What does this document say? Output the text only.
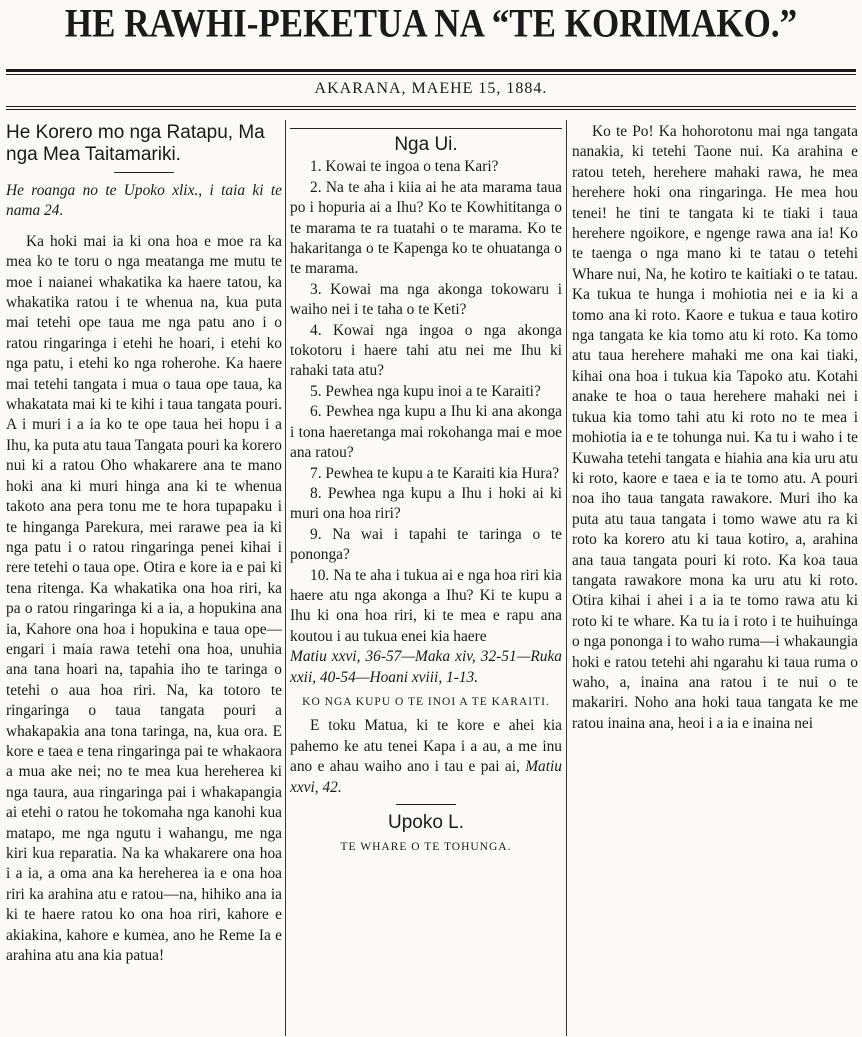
HE RAWHI-PEKETUA NA “TE KORIMAKO.”
AKARANA, MAEHE 15, 1884.
He Korero mo nga Ratapu, Ma nga Mea Taitamariki.

He roanga no te Upoko xlix., i taia ki te nama 24.

Ka hoki mai ia ki ona hoa e moe ra ka mea ko te toru o nga meatanga me mutu te moe i naianei whakatika ka haere tatou, ka whakatika ratou i te whenua na, kua puta mai tetehi ope taua me nga patu ano i o ratou ringaringa i etehi he hoari, i etehi ko nga patu, i etehi ko nga roherohe. Ka haere mai tetehi tangata i mua o taua ope taua, ka whakatata mai ki te kihi i taua tangata pouri. A i muri i a ia ko te ope taua hei hopu i a Ihu, ka puta atu taua Tangata pouri ka korero nui ki a ratou Oho whakarere ana te mano hoki ana ki muri hinga ana ki te whenua takoto ana pera tonu me te hora tupapaku i te hinganga Parekura, mei rarawe pea ia ki nga patu i o ratou ringaringa penei kihai i rere tetehi o taua ope. Otira e kore ia e pai ki tena ritenga. Ka whakatika ona hoa riri, ka pa o ratou ringaringa ki a ia, a hopukina ana ia, Kahore ona hoa i hopukina e taua ope—engari i maia rawa tetehi ona hoa, unuhia ana tana hoari na, tapahia iho te taringa o tetehi o aua hoa riri. Na, ka totoro te ringaringa o taua tangata pouri a whakapakia ana tona taringa, na, kua ora. E kore e taea e tena ringaringa pai te whakaora a mua ake nei; no te mea kua hereherea ki nga taura, aua ringaringa pai i whakapangia ai etehi o ratou he tokomaha nga kanohi kua matapo, me nga ngutu i wahangu, me nga kiri kua reparatia. Na ka whakarere ona hoa i a ia, a oma ana ka hereherea ia e ona hoa riri ka arahina atu e ratou—na, hihiko ana ia ki te haere ratou ko ona hoa riri, kahore e akiakina, kahore e kumea, ano he Reme Ia e arahina atu ana kia patua!

Nga Ui.

1. Kowai te ingoa o tena Kari?

2. Na te aha i kiia ai he ata marama taua po i hopuria ai a Ihu? Ko te Kowhititanga o te marama te ra tuatahi o te marama. Ko te hakaritanga o te Kapenga ko te ohuatanga o te marama.

3. Kowai ma nga akonga tokowaru i waiho nei i te taha o te Keti?

4. Kowai nga ingoa o nga akonga tokotoru i haere tahi atu nei me Ihu ki rahaki tata atu?

5. Pewhea nga kupu inoi a te Karaiti?

6. Pewhea nga kupu a Ihu ki ana akonga i tona haeretanga mai rokohanga mai e moe ana ratou?

7. Pewhea te kupu a te Karaiti kia Hura?

8. Pewhea nga kupu a Ihu i hoki ai ki muri ona hoa riri?

9. Na wai i tapahi te taringa o te pononga?

10. Na te aha i tukua ai e nga hoa riri kia haere atu nga akonga a Ihu? Ki te kupu a Ihu ki ona hoa riri, ki te mea e rapu ana koutou i au tukua enei kia haere

Matiu xxvi, 36-57—Maka xiv, 32-51—Ruka xxii, 40-54—Hoani xviii, 1-13.

KO NGA KUPU O TE INOI A TE KARAITI.

E toku Matua, ki te kore e ahei kia pahemo ke atu tenei Kapa i a au, a me inu ano e ahau waiho ano i tau e pai ai, Matiu xxvi, 42.

Upoko L.
TE WHARE O TE TOHUNGA.

Ko te Po! Ka hohorotonu mai nga tangata nanakia, ki tetehi Taone nui. Ka arahina e ratou teteh, herehere mahaki rawa, he mea herehere hoki ona ringaringa. He mea hou tenei! he tini te tangata ki te tiaki i taua herehere ngoikore, e ngenge rawa ana ia! Ko te taenga o nga mano ki te tatau o tetehi Whare nui, Na, he kotiro te kaitiaki o te tatau. Ka tukua te hunga i mohiotia nei e ia ki a tomo ana ki roto. Kaore e tukua e taua kotiro nga tangata ke kia tomo atu ki roto. Ka tomo atu taua herehere mahaki me ona kai tiaki, kihai ona hoa i tukua kia Tapoko atu. Kotahi anake te hoa o taua herehere mahaki nei i tukua kia tomo tahi atu ki roto no te mea i mohiotia ia e te tohunga nui. Ka tu i waho i te Kuwaha tetehi tangata e hiahia ana kia uru atu ki roto, kaore e taea e ia te tomo atu. A pouri noa iho taua tangata rawakore. Muri iho ka puta atu taua tangata i tomo wawe atu ra ki roto ka korero atu ki taua kotiro, a, arahina ana taua tangata pouri ki roto. Ka koa taua tangata rawakore mona ka uru atu ki roto. Otira kihai i ahei i a ia te tomo rawa atu ki roto ki te whare. Ka tu ia i roto i te huihuinga o nga pononga i to waho ruma—i whakaungia hoki e ratou tetehi ahi ngarahu ki taua ruma o waho, a, inaina ana ratou i te nui o te makariri. Noho ana hoki taua tangata ke me ratou inaina ana, heoi i a ia e inaina nei
